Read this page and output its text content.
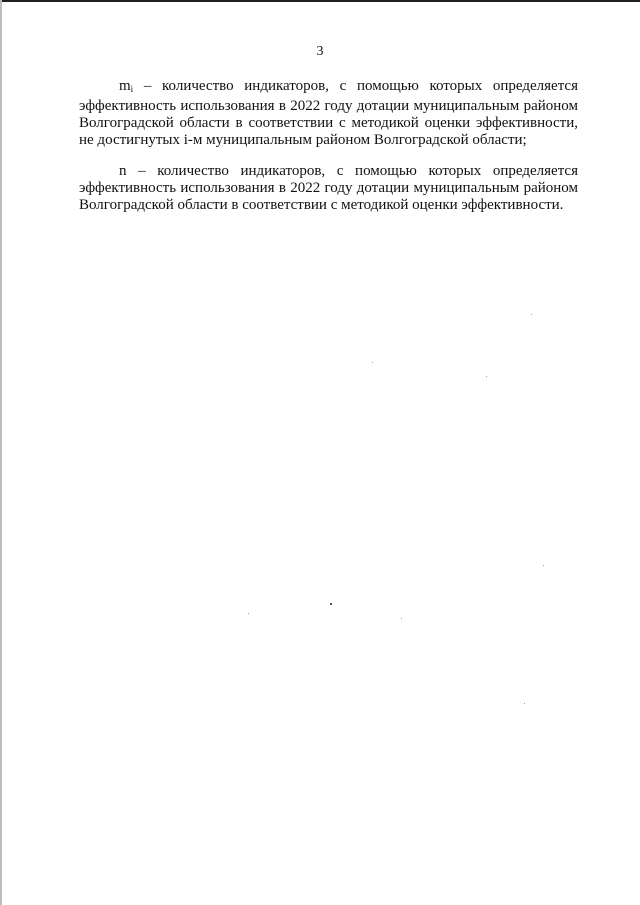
3

$m_i$ – количество индикаторов, с помощью которых определяется эффективность использования в 2022 году дотации муниципальным районом Волгоградской области в соответствии с методикой оценки эффективности, не достигнутых i-м муниципальным районом Волгоградской области;

n – количество индикаторов, с помощью которых определяется эффективность использования в 2022 году дотации муниципальным районом Волгоградской области в соответствии с методикой оценки эффективности.
